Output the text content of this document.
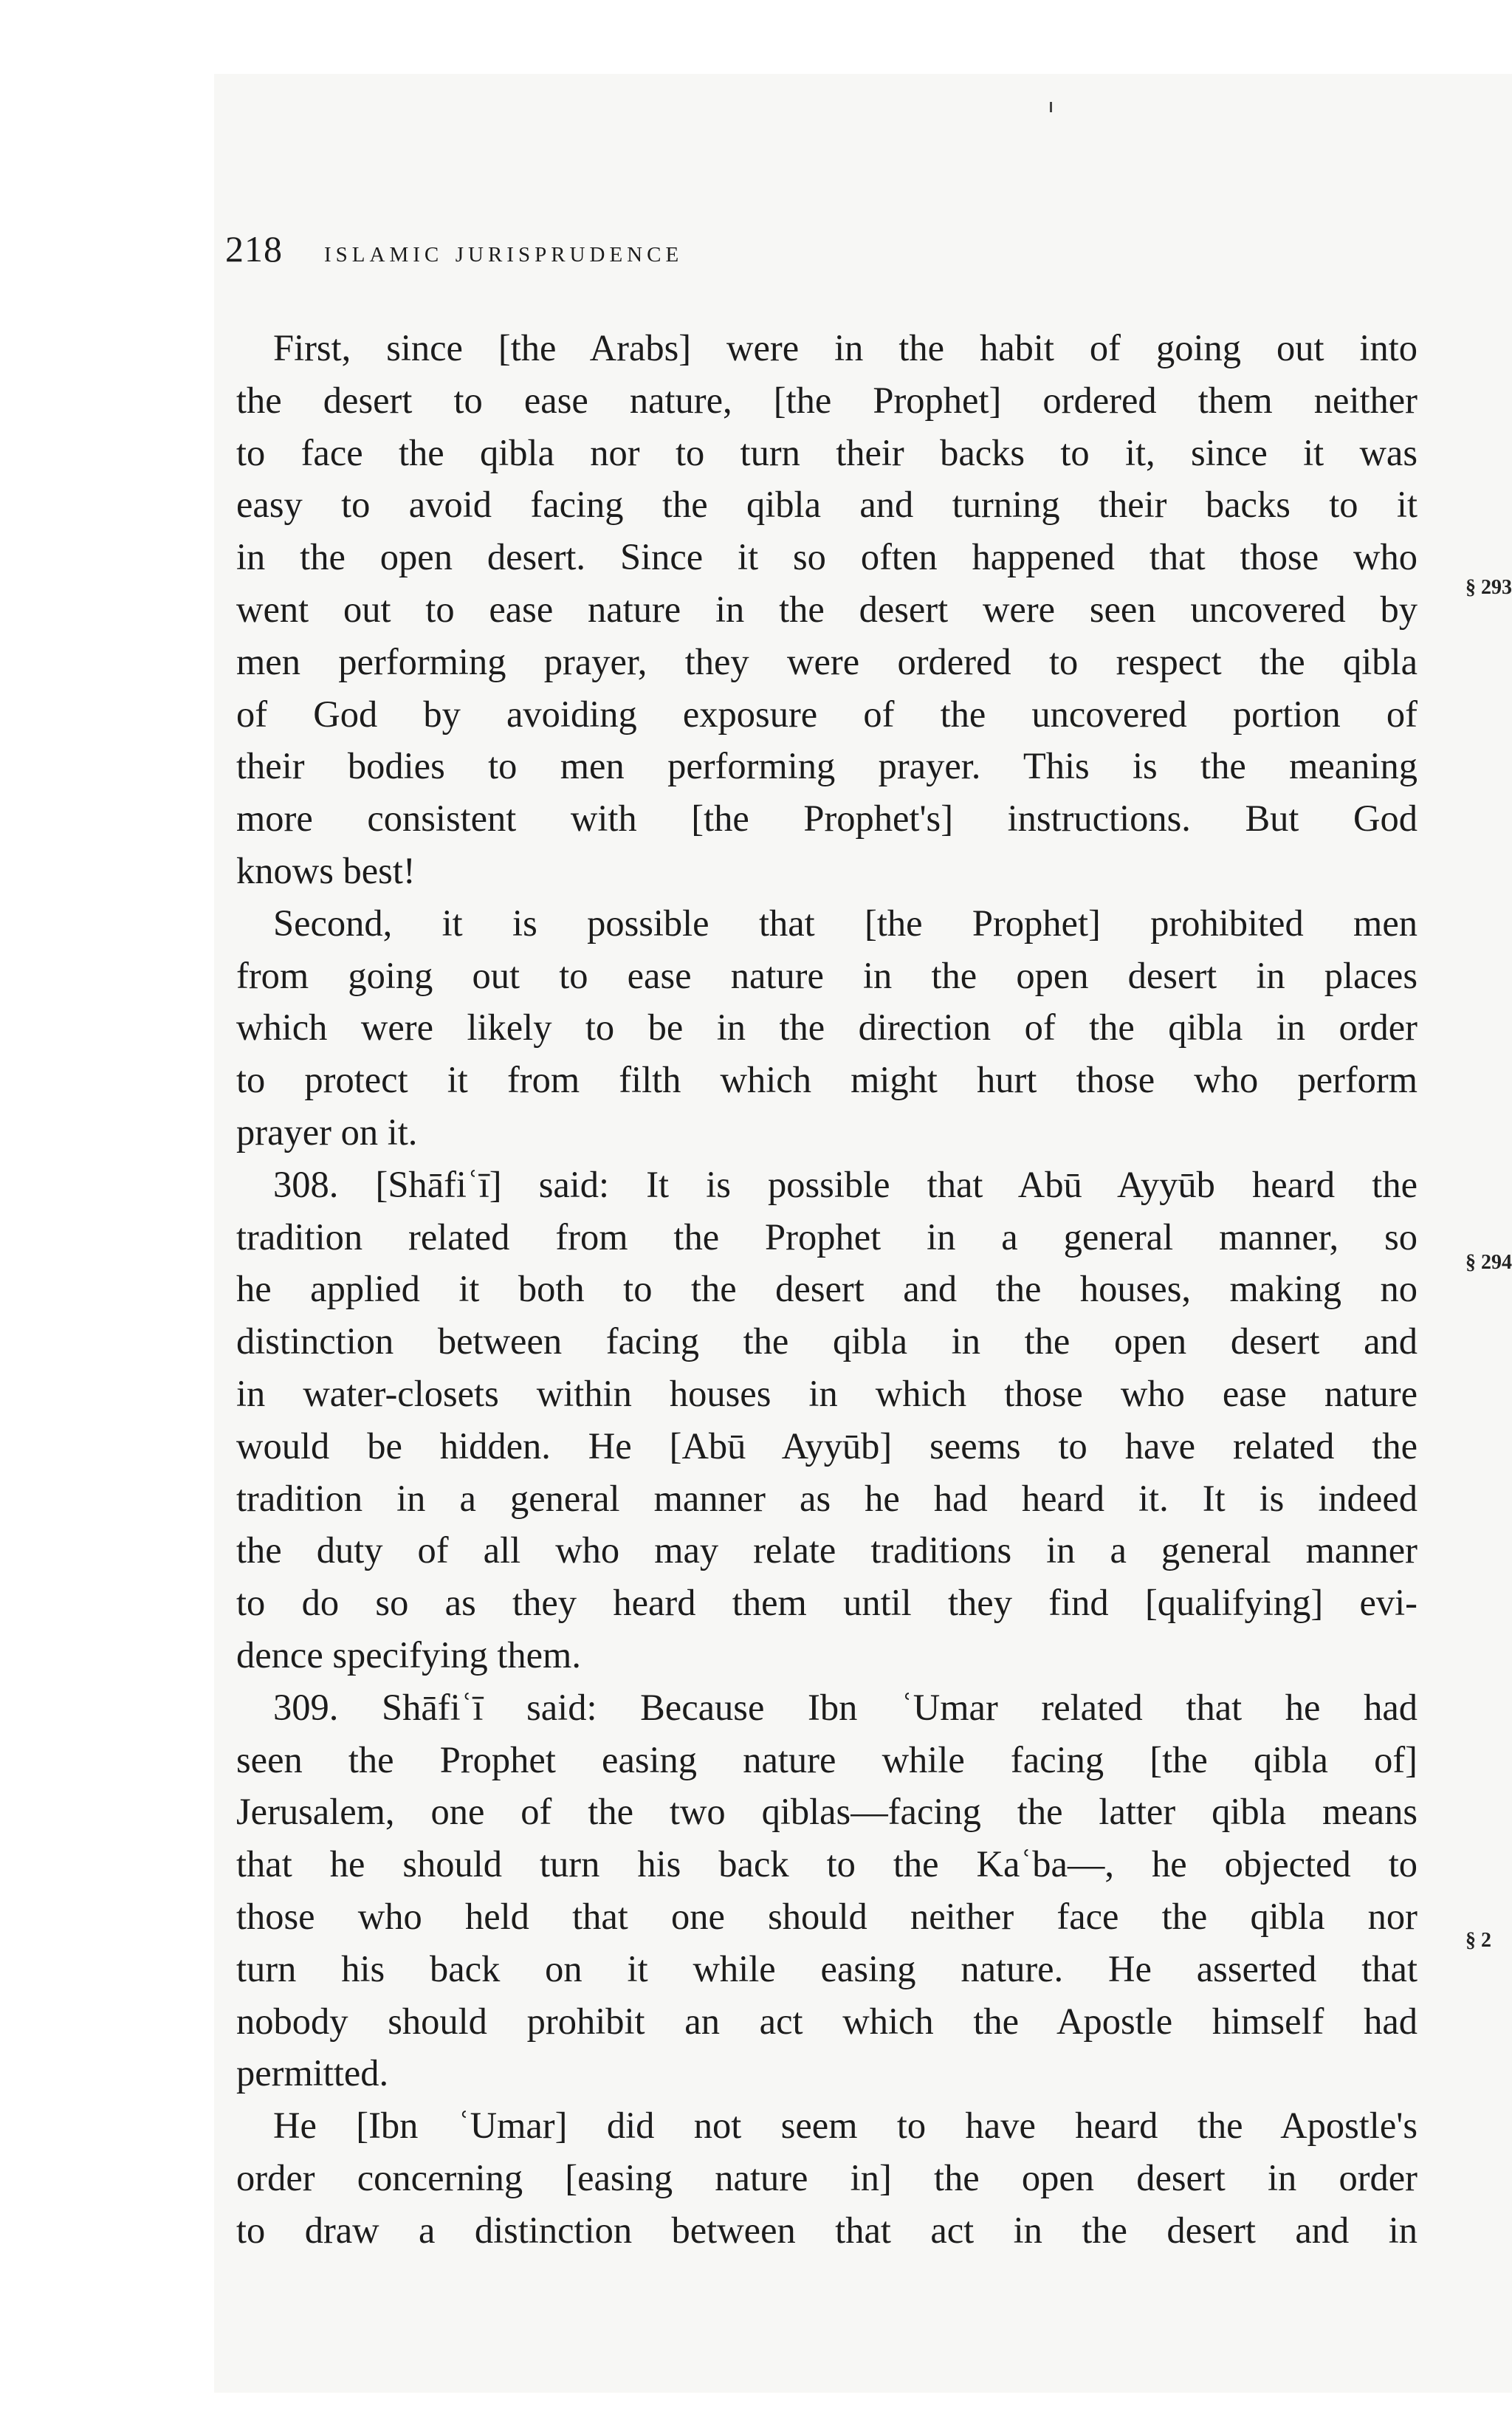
218 islamic jurisprudence
First, since [the Arabs] were in the habit of going out into
the desert to ease nature, [the Prophet] ordered them neither
to face the qibla nor to turn their backs to it, since it was
easy to avoid facing the qibla and turning their backs to it
in the open desert. Since it so often happened that those who
went out to ease nature in the desert were seen uncovered by
men performing prayer, they were ordered to respect the qibla
of God by avoiding exposure of the uncovered portion of
their bodies to men performing prayer. This is the meaning
more consistent with [the Prophet's] instructions. But God
knows best!
Second, it is possible that [the Prophet] prohibited men
from going out to ease nature in the open desert in places
which were likely to be in the direction of the qibla in order
to protect it from filth which might hurt those who perform
prayer on it.
308. [Shāfiʿī] said: It is possible that Abū Ayyūb heard the
tradition related from the Prophet in a general manner, so
he applied it both to the desert and the houses, making no
distinction between facing the qibla in the open desert and
in water-closets within houses in which those who ease nature
would be hidden. He [Abū Ayyūb] seems to have related the
tradition in a general manner as he had heard it. It is indeed
the duty of all who may relate traditions in a general manner
to do so as they heard them until they find [qualifying] evi-
dence specifying them.
309. Shāfiʿī said: Because Ibn ʿUmar related that he had
seen the Prophet easing nature while facing [the qibla of]
Jerusalem, one of the two qiblas—facing the latter qibla means
that he should turn his back to the Kaʿba—, he objected to
those who held that one should neither face the qibla nor
turn his back on it while easing nature. He asserted that
nobody should prohibit an act which the Apostle himself had
permitted.
He [Ibn ʿUmar] did not seem to have heard the Apostle's
order concerning [easing nature in] the open desert in order
to draw a distinction between that act in the desert and in
§ 293
§ 294
§ 2
